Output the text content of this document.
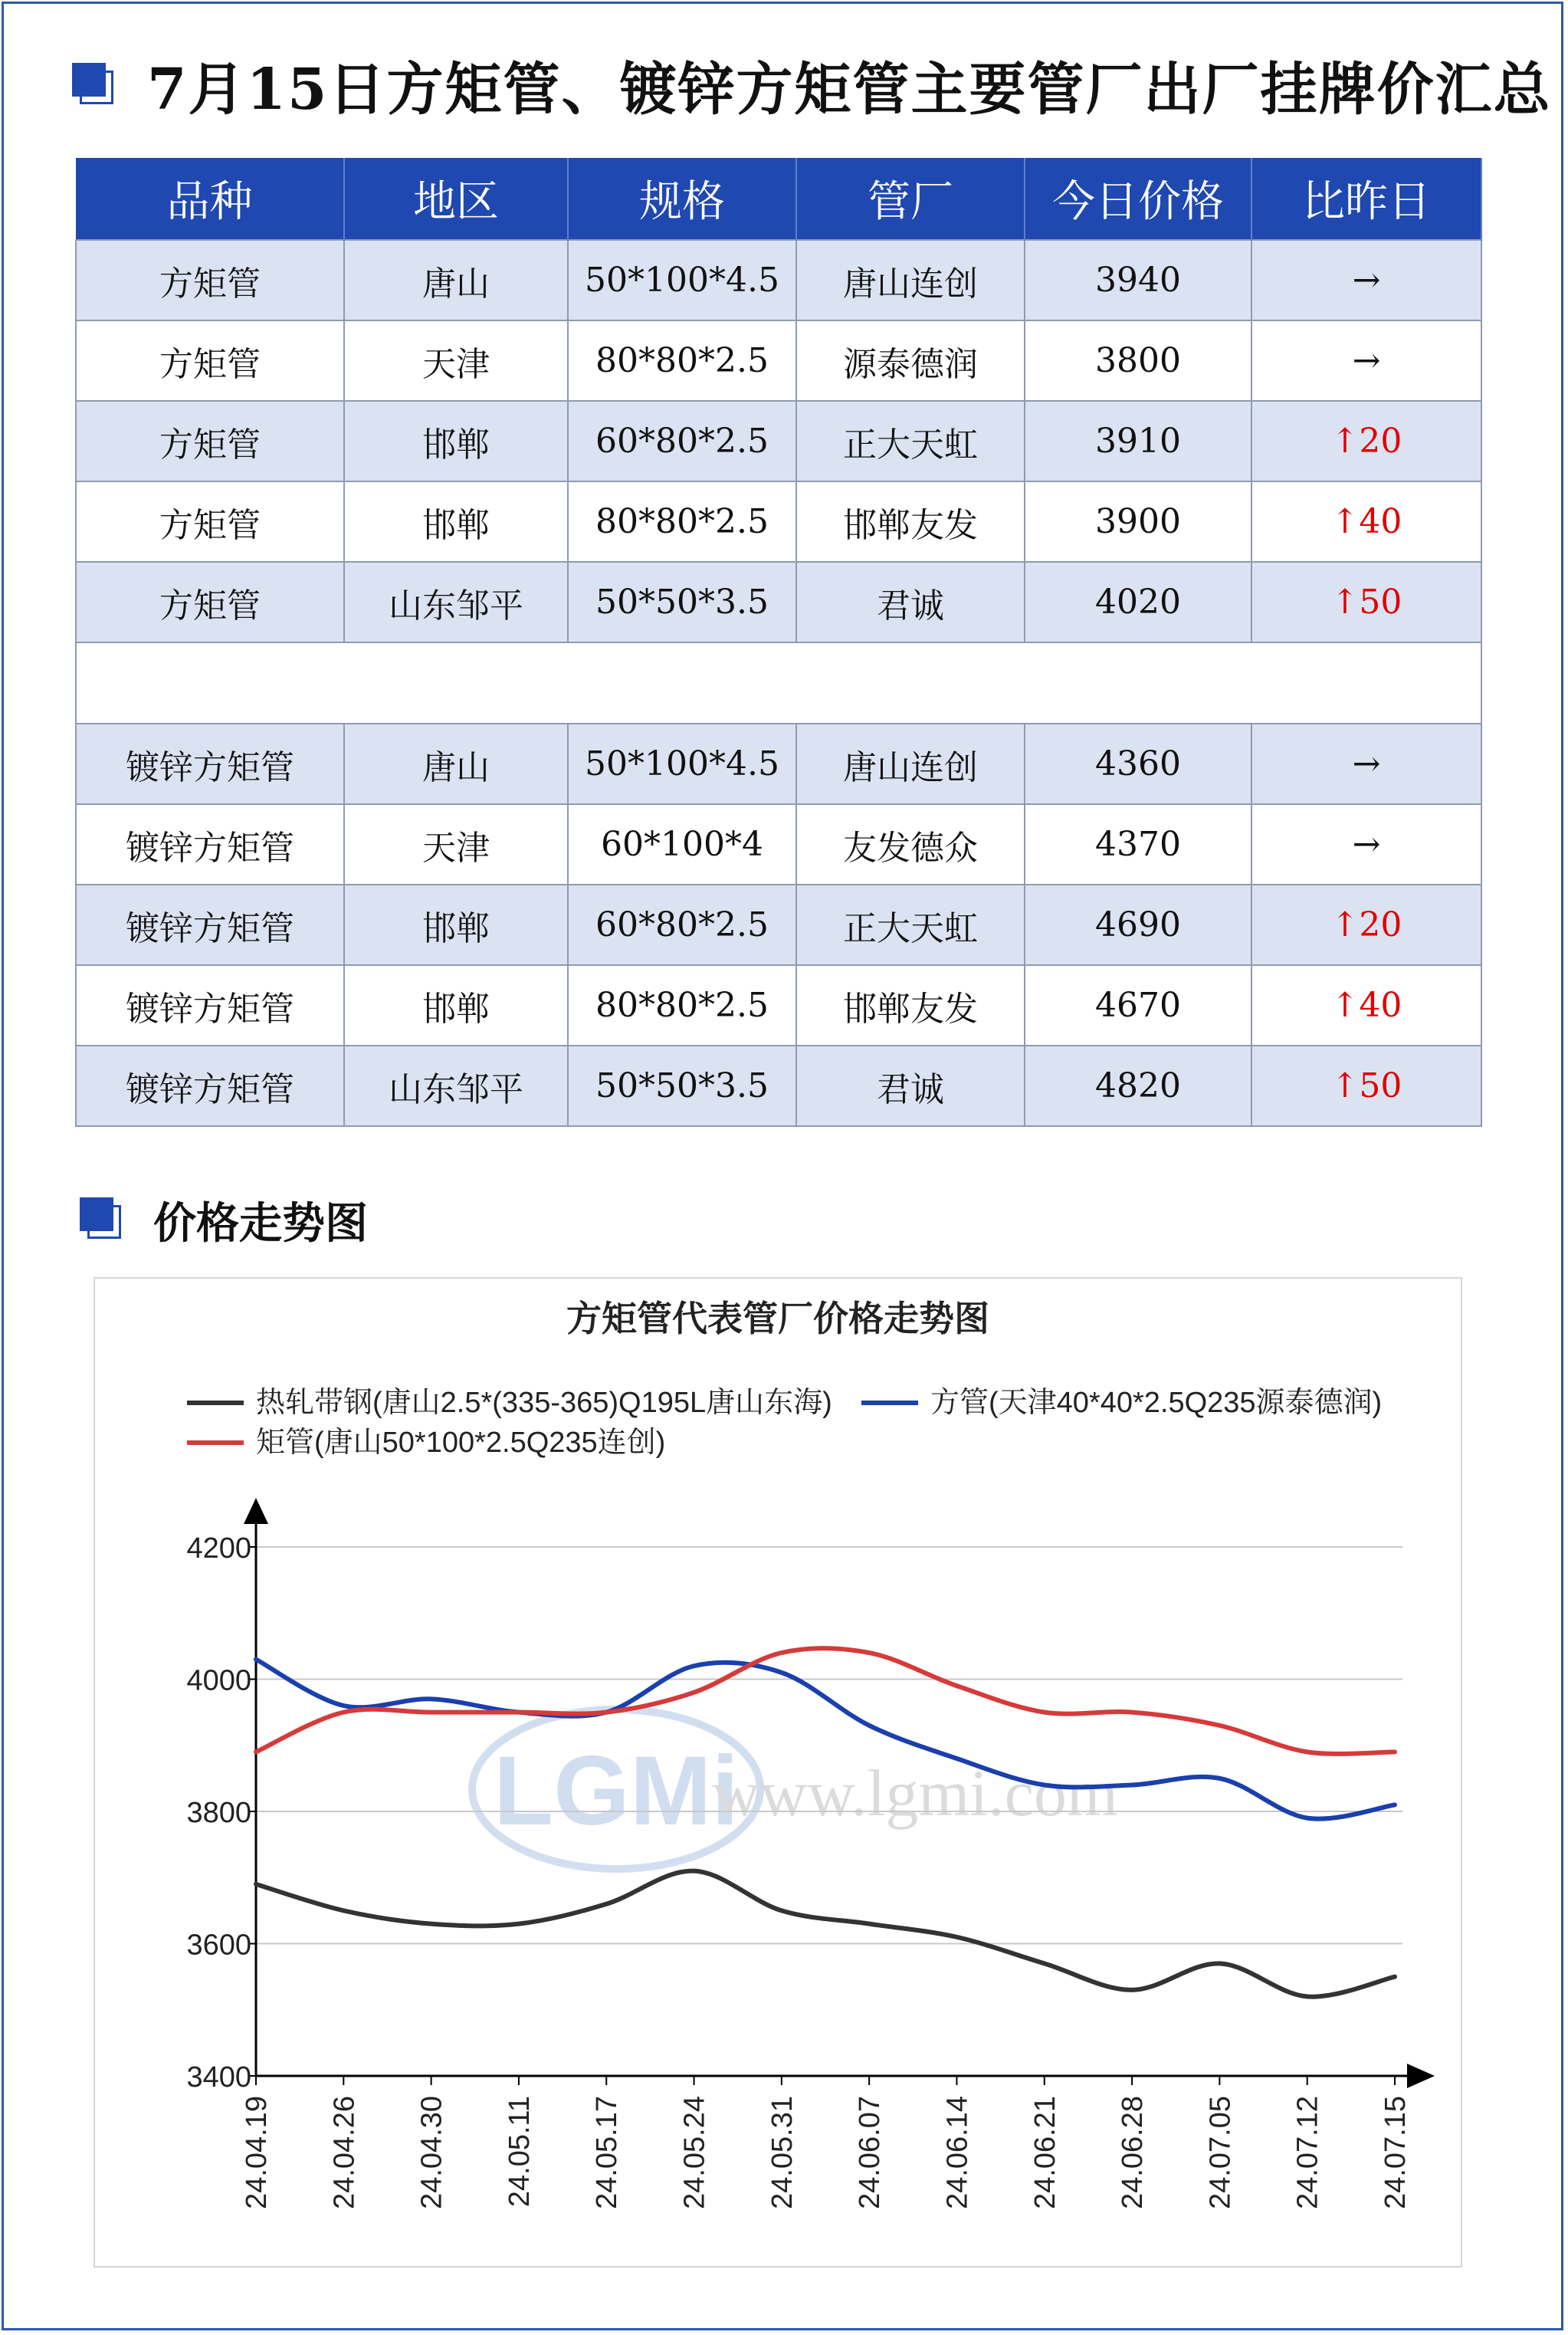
7月15日方矩管、镀锌方矩管主要管厂出厂挂牌价汇总
品种	地区	规格	管厂	今日价格	比昨日
方矩管	唐山	50*100*4.5	唐山连创	3940	→
方矩管	天津	80*80*2.5	源泰德润	3800	→
方矩管	邯郸	60*80*2.5	正大天虹	3910	↑20
方矩管	邯郸	80*80*2.5	邯郸友发	3900	↑40
方矩管	山东邹平	50*50*3.5	君诚	4020	↑50

镀锌方矩管	唐山	50*100*4.5	唐山连创	4360	→
镀锌方矩管	天津	60*100*4	友发德众	4370	→
镀锌方矩管	邯郸	60*80*2.5	正大天虹	4690	↑20
镀锌方矩管	邯郸	80*80*2.5	邯郸友发	4670	↑40
镀锌方矩管	山东邹平	50*50*3.5	君诚	4820	↑50
价格走势图
方矩管代表管厂价格走势图
热轧带钢(唐山2.5*(335-365)Q195L唐山东海)	方管(天津40*40*2.5Q235源泰德润)
矩管(唐山50*100*2.5Q235连创)
LGMi
www.lgmi.com
3400
3600
3800
4000
4200
24.04.19 24.04.26 24.04.30 24.05.11 24.05.17 24.05.24 24.05.31 24.06.07 24.06.14 24.06.21 24.06.28 24.07.05 24.07.12 24.07.15
